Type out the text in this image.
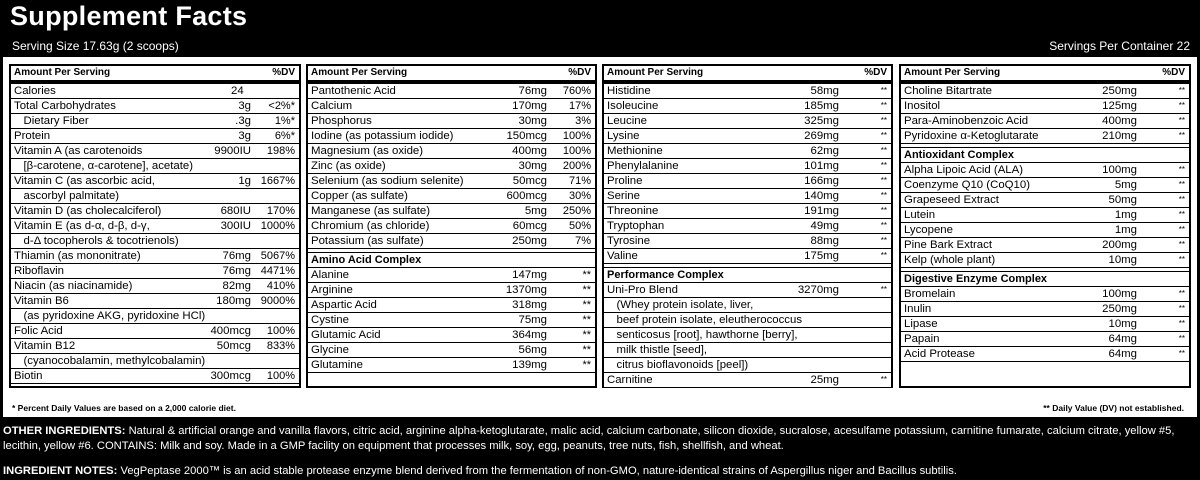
Supplement Facts
Serving Size 17.63g (2 scoops)	Servings Per Container 22
Amount Per Serving	%DV
Calories	24
Total Carbohydrates	3g <2%*
Dietary Fiber	.3g 1%*
Protein	3g 6%*
Vitamin A (as carotenoids	9900IU 198%
[β-carotene, α-carotene], acetate)
Vitamin C (as ascorbic acid,	1g 1667%
ascorbyl palmitate)
Vitamin D (as cholecalciferol)	680IU 170%
Vitamin E (as d-α, d-β, d-γ,	300IU 1000%
d-Δ tocopherols & tocotrienols)
Thiamin (as mononitrate)	76mg 5067%
Riboflavin	76mg 4471%
Niacin (as niacinamide)	82mg 410%
Vitamin B6	180mg 9000%
(as pyridoxine AKG, pyridoxine HCl)
Folic Acid	400mcg 100%
Vitamin B12	50mcg 833%
(cyanocobalamin, methylcobalamin)
Biotin	300mcg 100%
Amount Per Serving	%DV
Pantothenic Acid	76mg 760%
Calcium	170mg 17%
Phosphorus	30mg	3%
Iodine (as potassium iodide)	150mcg 100%
Magnesium (as oxide)	400mg 100%
Zinc (as oxide)	30mg 200%
Selenium (as sodium selenite)	50mcg 71%
Copper (as sulfate)	600mcg 30%
Manganese (as sulfate)	5mg 250%
Chromium (as chloride)	60mcg 50%
Potassium (as sulfate)	250mg	7%
Amino Acid Complex
Alanine	147mg	**
Arginine	1370mg	**
Aspartic Acid	318mg	**
Cystine	75mg	**
Glutamic Acid	364mg	**
Glycine	56mg	**
Glutamine	139mg	**
Amount Per Serving	%DV
Histidine	58mg	**
Isoleucine	185mg	**
Leucine	325mg	**
Lysine	269mg	**
Methionine	62mg	**
Phenylalanine	101mg	**
Proline	166mg	**
Serine	140mg	**
Threonine	191mg	**
Tryptophan	49mg	**
Tyrosine	88mg	**
Valine	175mg	**
Performance Complex
Uni-Pro Blend	3270mg	**
(Whey protein isolate, liver,
beef protein isolate, eleutherococcus
senticosus [root], hawthorne [berry],
milk thistle [seed],
citrus bioflavonoids [peel])
Carnitine	25mg	**
Amount Per Serving	%DV
Choline Bitartrate	250mg	**
Inositol	125mg	**
Para-Aminobenzoic Acid	400mg	**
Pyridoxine α-Ketoglutarate	210mg	**
Antioxidant Complex
Alpha Lipoic Acid (ALA)	100mg	**
Coenzyme Q10 (CoQ10)	5mg	**
Grapeseed Extract	50mg	**
Lutein	1mg	**
Lycopene	1mg	**
Pine Bark Extract	200mg	**
Kelp (whole plant)	10mg	**
Digestive Enzyme Complex
Bromelain	100mg	**
Inulin	250mg	**
Lipase	10mg	**
Papain	64mg	**
Acid Protease	64mg	**
* Percent Daily Values are based on a 2,000 calorie diet.	** Daily Value (DV) not established.
OTHER INGREDIENTS: Natural & artificial orange and vanilla flavors, citric acid, arginine alpha-ketoglutarate, malic acid, calcium carbonate, silicon dioxide, sucralose, acesulfame potassium, carnitine fumarate, calcium citrate, yellow #5, lecithin, yellow #6. CONTAINS: Milk and soy. Made in a GMP facility on equipment that processes milk, soy, egg, peanuts, tree nuts, fish, shellfish, and wheat.
INGREDIENT NOTES: VegPeptase 2000™ is an acid stable protease enzyme blend derived from the fermentation of non-GMO, nature-identical strains of Aspergillus niger and Bacillus subtilis.
